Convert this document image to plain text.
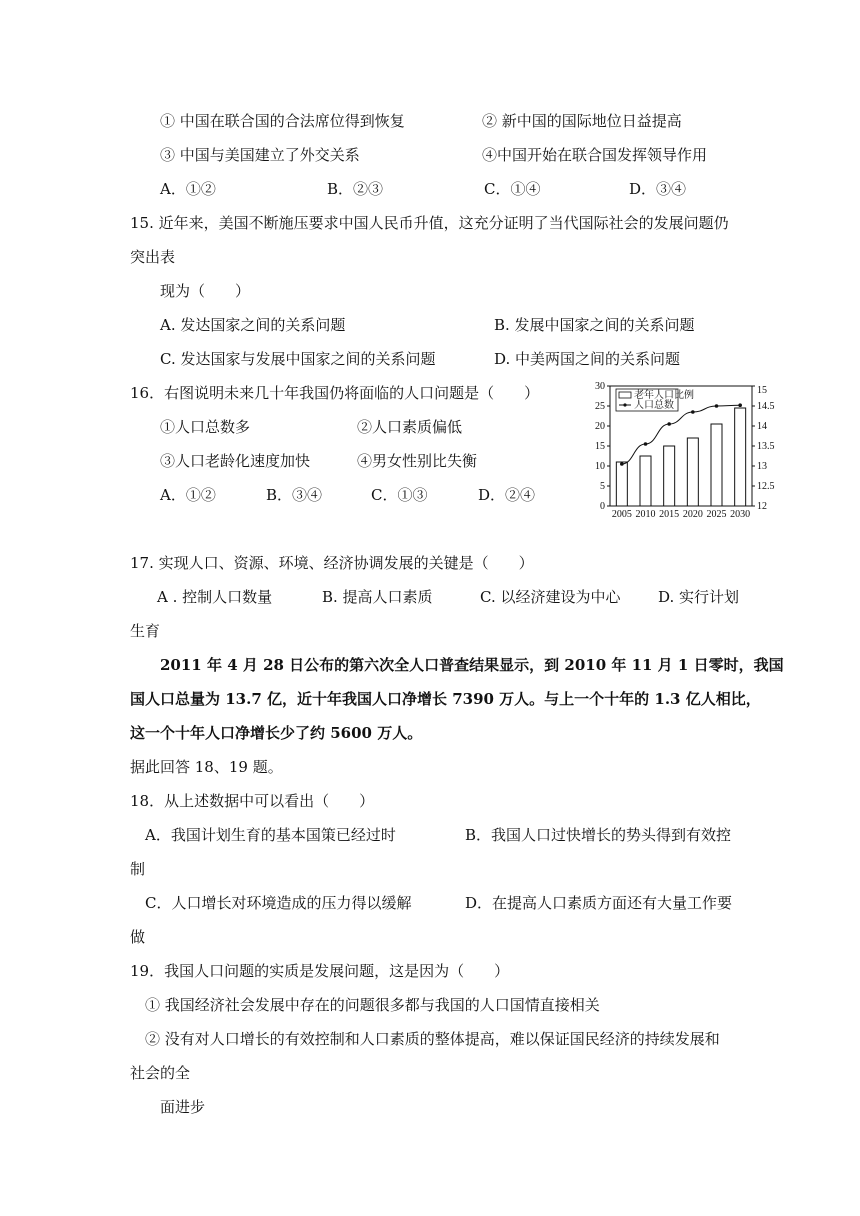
① 中国在联合国的合法席位得到恢复	② 新中国的国际地位日益提高
③ 中国与美国建立了外交关系	④中国开始在联合国发挥领导作用
A．①②	B．②③	C．①④	D．③④
15. 近年来，美国不断施压要求中国人民币升值，这充分证明了当代国际社会的发展问题仍
突出表
现为（　　）
A. 发达国家之间的关系问题	B. 发展中国家之间的关系问题
C. 发达国家与发展中国家之间的关系问题	D. 中美两国之间的关系问题
16．右图说明未来几十年我国仍将面临的人口问题是（　　）
①人口总数多	②人口素质偏低
③人口老龄化速度加快	④男女性别比失衡
A．①②	B．③④	C．①③	D．②④
0
5
10
15
20
25
30
12
12.5
13
13.5
14
14.5
15
2005 2010 2015 2020 2025 2030
老年人口比例
人口总数
17. 实现人口、资源、环境、经济协调发展的关键是（　　）
A . 控制人口数量	B. 提高人口素质	C. 以经济建设为中心	D. 实行计划
生育
2011 年 4 月 28 日公布的第六次全人口普查结果显示，到 2010 年 11 月 1 日零时，我国
国人口总量为 13.7 亿，近十年我国人口净增长 7390 万人。与上一个十年的 1.3 亿人相比，
这一个十年人口净增长少了约 5600 万人。
据此回答 18、19 题。
18．从上述数据中可以看出（　　）
A．我国计划生育的基本国策已经过时	B．我国人口过快增长的势头得到有效控
制
C．人口增长对环境造成的压力得以缓解	D．在提高人口素质方面还有大量工作要
做
19．我国人口问题的实质是发展问题，这是因为（　　）
① 我国经济社会发展中存在的问题很多都与我国的人口国情直接相关
② 没有对人口增长的有效控制和人口素质的整体提高，难以保证国民经济的持续发展和
社会的全
面进步
